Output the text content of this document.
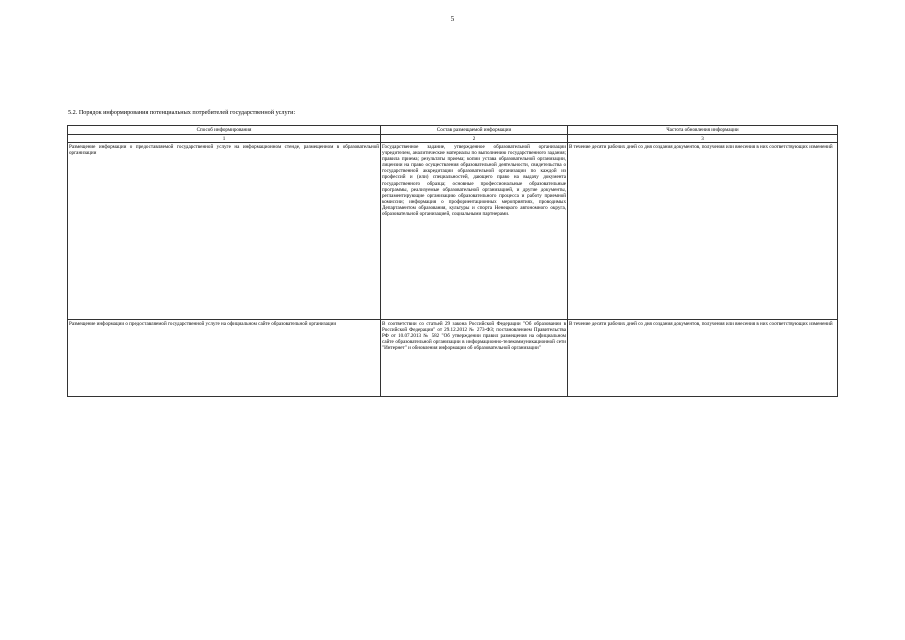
5
5.2. Порядок информирования потенциальных потребителей государственной услуги:
Способ информирования	Состав размещаемой информации	Частота обновления информации
1	2	3
Размещение информации о предоставляемой государственной услуге на информационном стенде, размещенном в образовательной организации	Государственное задание, утвержденное образовательной организации учредителем, аналитические материалы по выполнению государственного задания; правила приема; результаты приема; копии устава образовательной организации, лицензии на право осуществления образовательной деятельности, свидетельства о государственной аккредитации образовательной организации по каждой из профессий и (или) специальностей, дающего право на выдачу документа государственного образца; основные профессиональные образовательные программы, реализуемые образовательной организацией, и другие документы, регламентирующие организацию образовательного процесса и работу приемной комиссии; информация о профориентационных мероприятиях, проводимых Департаментом образования, культуры и спорта Ненецкого автономного округа, образовательной организацией, социальными партнерами.	В течение десяти рабочих дней со дня создания документов, получения или внесения в них соответствующих изменений
Размещение информации о предоставляемой государственной услуге на официальном сайте образовательной организации	В соответствии со статьей 29 закона Российской Федерации "Об образовании в Российской Федерации" от 29.12.2012 № 273-ФЗ; постановлением Правительства РФ от 10.07.2013 № 582 "Об утверждении правил размещения на официальном сайте образовательной организации в информационно-телекоммуникационной сети "Интернет" и обновления информации об образовательной организации"	В течение десяти рабочих дней со дня создания документов, получения или внесения в них соответствующих изменений
